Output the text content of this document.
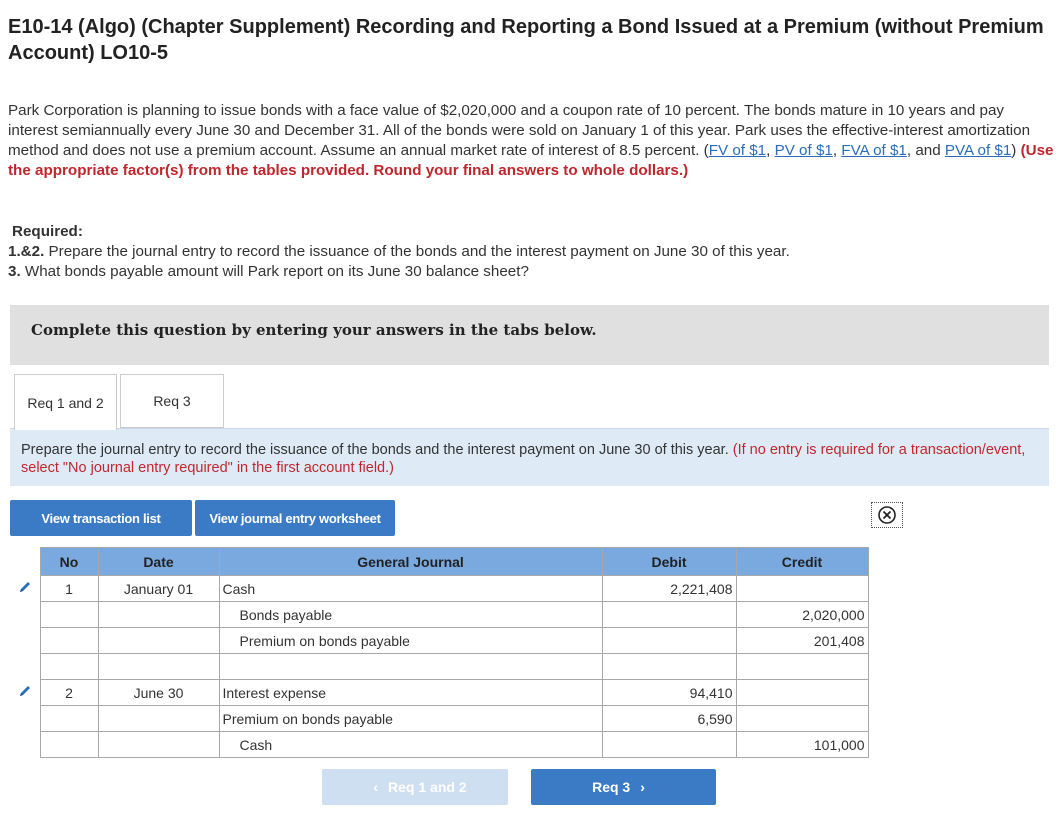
E10-14 (Algo) (Chapter Supplement) Recording and Reporting a Bond Issued at a Premium (without Premium Account) LO10-5
Park Corporation is planning to issue bonds with a face value of $2,020,000 and a coupon rate of 10 percent. The bonds mature in 10 years and pay interest semiannually every June 30 and December 31. All of the bonds were sold on January 1 of this year. Park uses the effective-interest amortization method and does not use a premium account. Assume an annual market rate of interest of 8.5 percent. (FV of $1, PV of $1, FVA of $1, and PVA of $1) (Use the appropriate factor(s) from the tables provided. Round your final answers to whole dollars.)
Required:
1.&2. Prepare the journal entry to record the issuance of the bonds and the interest payment on June 30 of this year.
3. What bonds payable amount will Park report on its June 30 balance sheet?
Complete this question by entering your answers in the tabs below.
Req 1 and 2	Req 3
Prepare the journal entry to record the issuance of the bonds and the interest payment on June 30 of this year. (If no entry is required for a transaction/event, select "No journal entry required" in the first account field.)
View transaction list	View journal entry worksheet
	No	Date	General Journal	Debit	Credit
	1	January 01	Cash	2,221,408	
			Bonds payable		2,020,000
			Premium on bonds payable		201,408

	2	June 30	Interest expense	94,410	
			Premium on bonds payable	6,590	
			Cash		101,000
‹ Req 1 and 2	Req 3 ›
